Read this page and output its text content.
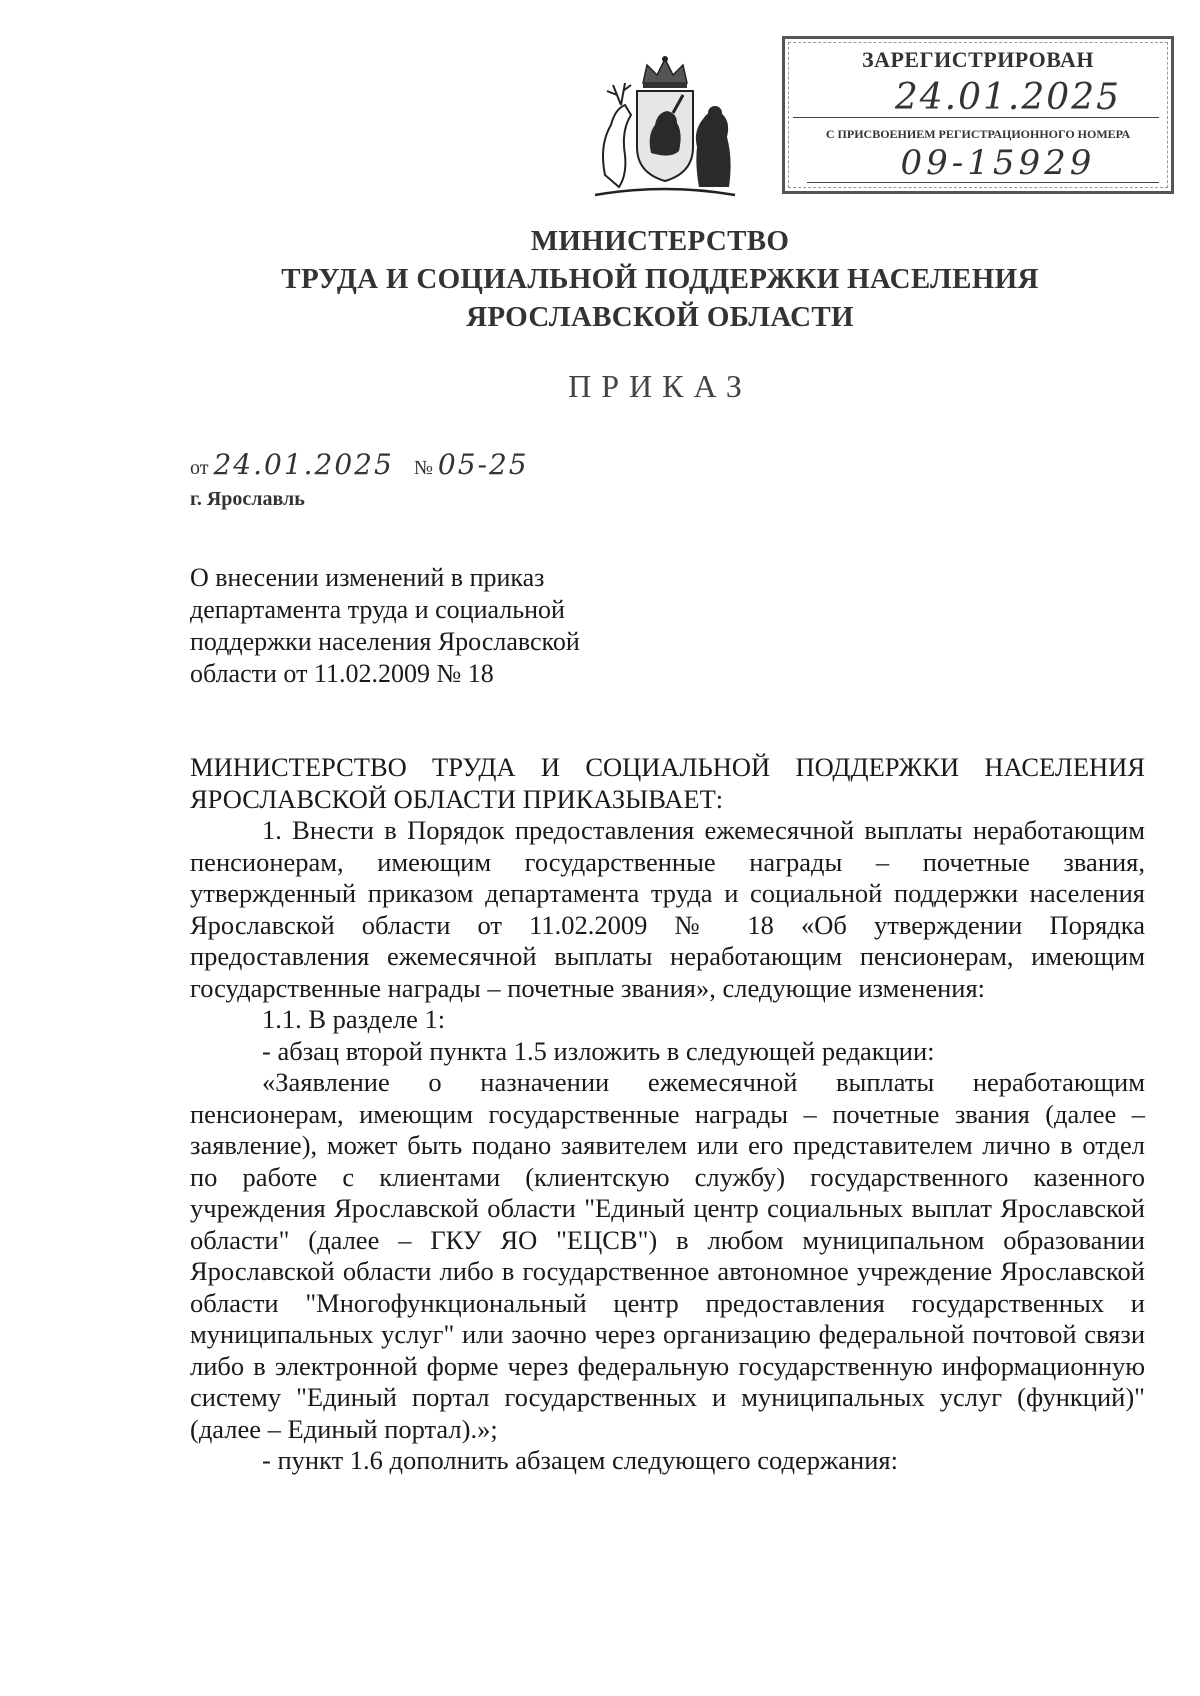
ЗАРЕГИСТРИРОВАН
24.01.2025
С ПРИСВОЕНИЕМ РЕГИСТРАЦИОННОГО НОМЕРА
09-15929
МИНИСТЕРСТВО
ТРУДА И СОЦИАЛЬНОЙ ПОДДЕРЖКИ НАСЕЛЕНИЯ
ЯРОСЛАВСКОЙ ОБЛАСТИ
ПРИКАЗ
от 24.01.2025 № 05-25
г. Ярославль
О внесении изменений в приказ
департамента труда и социальной
поддержки населения Ярославской
области от 11.02.2009 № 18

МИНИСТЕРСТВО ТРУДА И СОЦИАЛЬНОЙ ПОДДЕРЖКИ НАСЕЛЕНИЯ ЯРОСЛАВСКОЙ ОБЛАСТИ ПРИКАЗЫВАЕТ:

1. Внести в Порядок предоставления ежемесячной выплаты неработающим пенсионерам, имеющим государственные награды – почетные звания, утвержденный приказом департамента труда и социальной поддержки населения Ярославской области от 11.02.2009 № 18 «Об утверждении Порядка предоставления ежемесячной выплаты неработающим пенсионерам, имеющим государственные награды – почетные звания», следующие изменения:

1.1. В разделе 1:

- абзац второй пункта 1.5 изложить в следующей редакции:

«Заявление о назначении ежемесячной выплаты неработающим пенсионерам, имеющим государственные награды – почетные звания (далее – заявление), может быть подано заявителем или его представителем лично в отдел по работе с клиентами (клиентскую службу) государственного казенного учреждения Ярославской области "Единый центр социальных выплат Ярославской области" (далее – ГКУ ЯО "ЕЦСВ") в любом муниципальном образовании Ярославской области либо в государственное автономное учреждение Ярославской области "Многофункциональный центр предоставления государственных и муниципальных услуг" или заочно через организацию федеральной почтовой связи либо в электронной форме через федеральную государственную информационную систему "Единый портал государственных и муниципальных услуг (функций)" (далее – Единый портал).»;

- пункт 1.6 дополнить абзацем следующего содержания:
